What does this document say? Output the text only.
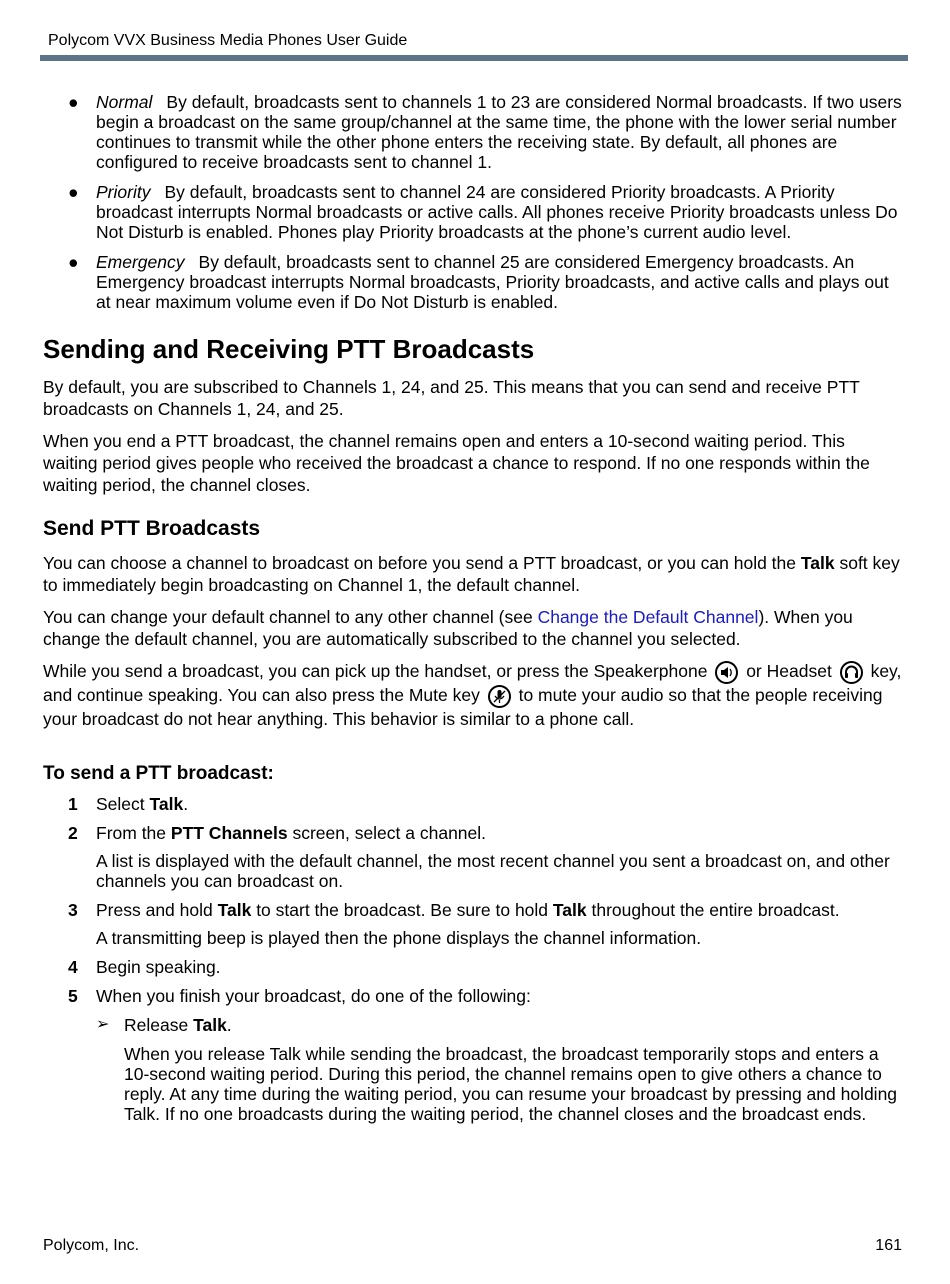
Polycom VVX Business Media Phones User Guide
● Normal By default, broadcasts sent to channels 1 to 23 are considered Normal broadcasts. If two users begin a broadcast on the same group/channel at the same time, the phone with the lower serial number continues to transmit while the other phone enters the receiving state. By default, all phones are configured to receive broadcasts sent to channel 1.
● Priority By default, broadcasts sent to channel 24 are considered Priority broadcasts. A Priority broadcast interrupts Normal broadcasts or active calls. All phones receive Priority broadcasts unless Do Not Disturb is enabled. Phones play Priority broadcasts at the phone’s current audio level.
● Emergency By default, broadcasts sent to channel 25 are considered Emergency broadcasts. An Emergency broadcast interrupts Normal broadcasts, Priority broadcasts, and active calls and plays out at near maximum volume even if Do Not Disturb is enabled.
Sending and Receiving PTT Broadcasts

By default, you are subscribed to Channels 1, 24, and 25. This means that you can send and receive PTT broadcasts on Channels 1, 24, and 25.

When you end a PTT broadcast, the channel remains open and enters a 10-second waiting period. This waiting period gives people who received the broadcast a chance to respond. If no one responds within the waiting period, the channel closes.

Send PTT Broadcasts

You can choose a channel to broadcast on before you send a PTT broadcast, or you can hold the Talk soft key to immediately begin broadcasting on Channel 1, the default channel.

You can change your default channel to any other channel (see Change the Default Channel). When you change the default channel, you are automatically subscribed to the channel you selected.

While you send a broadcast, you can pick up the handset, or press the Speakerphone or Headset key, and continue speaking. You can also press the Mute key to mute your audio so that the people receiving your broadcast do not hear anything. This behavior is similar to a phone call.

To send a PTT broadcast:
1 Select Talk.
2 From the PTT Channels screen, select a channel.
A list is displayed with the default channel, the most recent channel you sent a broadcast on, and other channels you can broadcast on.
3 Press and hold Talk to start the broadcast. Be sure to hold Talk throughout the entire broadcast.
A transmitting beep is played then the phone displays the channel information.
4 Begin speaking.
5 When you finish your broadcast, do one of the following:
➢ Release Talk.
When you release Talk while sending the broadcast, the broadcast temporarily stops and enters a 10-second waiting period. During this period, the channel remains open to give others a chance to reply. At any time during the waiting period, you can resume your broadcast by pressing and holding Talk. If no one broadcasts during the waiting period, the channel closes and the broadcast ends.
Polycom, Inc.	161
